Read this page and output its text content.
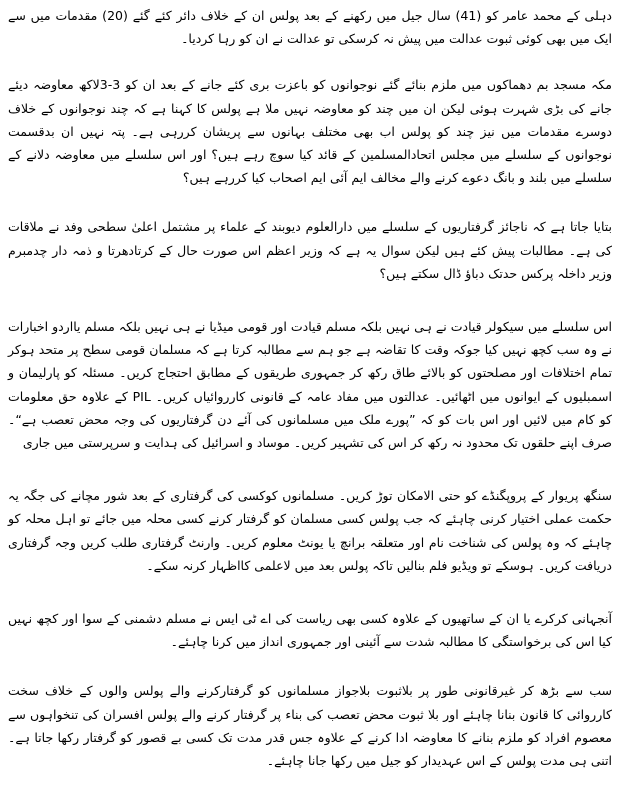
دہلی کے محمد عامر کو (41) سال جیل میں رکھنے کے بعد پولس ان کے خلاف دائر کئے گئے (20) مقدمات میں سے ایک میں بھی کوئی ثبوت عدالت میں پیش نہ کرسکی تو عدالت نے ان کو رہا کردیا۔

مکہ مسجد بم دھماکوں میں ملزم بنائے گئے نوجوانوں کو باعزت بری کئے جانے کے بعد ان کو 3-3لاکھ معاوضہ دیئے جانے کی بڑی شہرت ہوئی لیکن ان میں چند کو معاوضہ نہیں ملا ہے پولس کا کہنا ہے کہ چند نوجوانوں کے خلاف دوسرے مقدمات میں نیز چند کو پولس اب بھی مختلف بہانوں سے پریشان کررہی ہے۔ پتہ نہیں ان بدقسمت نوجوانوں کے سلسلے میں مجلس اتحادالمسلمین کے قائد کیا سوچ رہے ہیں؟ اور اس سلسلے میں معاوضہ دلانے کے سلسلے میں بلند و بانگ دعوے کرنے والے مخالف ایم آئی ایم اصحاب کیا کررہے ہیں؟

بتایا جاتا ہے کہ ناجائز گرفتاریوں کے سلسلے میں دارالعلوم دیوبند کے علماء پر مشتمل اعلیٰ سطحی وفد نے ملاقات کی ہے۔ مطالبات پیش کئے ہیں لیکن سوال یہ ہے کہ وزیر اعظم اس صورت حال کے کرتادھرتا و ذمہ دار چدمبرم وزیر داخلہ پرکس حدتک دباؤ ڈال سکتے ہیں؟

اس سلسلے میں سیکولر قیادت نے ہی نہیں بلکہ مسلم قیادت اور قومی میڈیا نے ہی نہیں بلکہ مسلم یااردو اخبارات نے وہ سب کچھ نہیں کیا جوکہ وقت کا تقاضہ ہے جو ہم سے مطالبہ کرتا ہے کہ مسلمان قومی سطح پر متحد ہوکر تمام اختلافات اور مصلحتوں کو بالائے طاق رکھ کر جمہوری طریقوں کے مطابق احتجاج کریں۔ مسئلہ کو پارلیمان و اسمبلیوں کے ایوانوں میں اٹھائیں۔ عدالتوں میں مفاد عامہ کے قانونی کارروائیاں کریں۔ PIL کے علاوہ حق معلومات کو کام میں لائیں اور اس بات کو کہ ”پورے ملک میں مسلمانوں کی آئے دن گرفتاریوں کی وجہ محض تعصب ہے“۔ صرف اپنے حلقوں تک محدود نہ رکھ کر اس کی تشہیر کریں۔ موساد و اسرائیل کی ہدایت و سرپرستی میں جاری

سنگھ پریوار کے پروپگنڈے کو حتی الامکان توڑ کریں۔ مسلمانوں کوکسی کی گرفتاری کے بعد شور مچانے کی جگہ یہ حکمت عملی اختیار کرنی چاہئے کہ جب پولس کسی مسلمان کو گرفتار کرنے کسی محلہ میں جائے تو اہل محلہ کو چاہئے کہ وہ پولس کی شناخت نام اور متعلقہ برانچ یا یونٹ معلوم کریں۔ وارنٹ گرفتاری طلب کریں وجہ گرفتاری دریافت کریں۔ ہوسکے تو ویڈیو فلم بنالیں تاکہ پولس بعد میں لاعلمی کااظہار کرنہ سکے۔

آنجہانی کرکرے یا ان کے ساتھیوں کے علاوہ کسی بھی ریاست کی اے ٹی ایس نے مسلم دشمنی کے سوا اور کچھ نہیں کیا اس کی برخواستگی کا مطالبہ شدت سے آئینی اور جمہوری انداز میں کرنا چاہئے۔

سب سے بڑھ کر غیرقانونی طور پر بلاثبوت بلاجواز مسلمانوں کو گرفتارکرنے والے پولس والوں کے خلاف سخت کارروائی کا قانون بنانا چاہئے اور بلا ثبوت محض تعصب کی بناء پر گرفتار کرنے والے پولس افسران کی تنخواہوں سے معصوم افراد کو ملزم بنانے کا معاوضہ ادا کرنے کے علاوہ جس قدر مدت تک کسی بے قصور کو گرفتار رکھا جاتا ہے۔ اتنی ہی مدت پولس کے اس عہدیدار کو جیل میں رکھا جانا چاہئے۔
